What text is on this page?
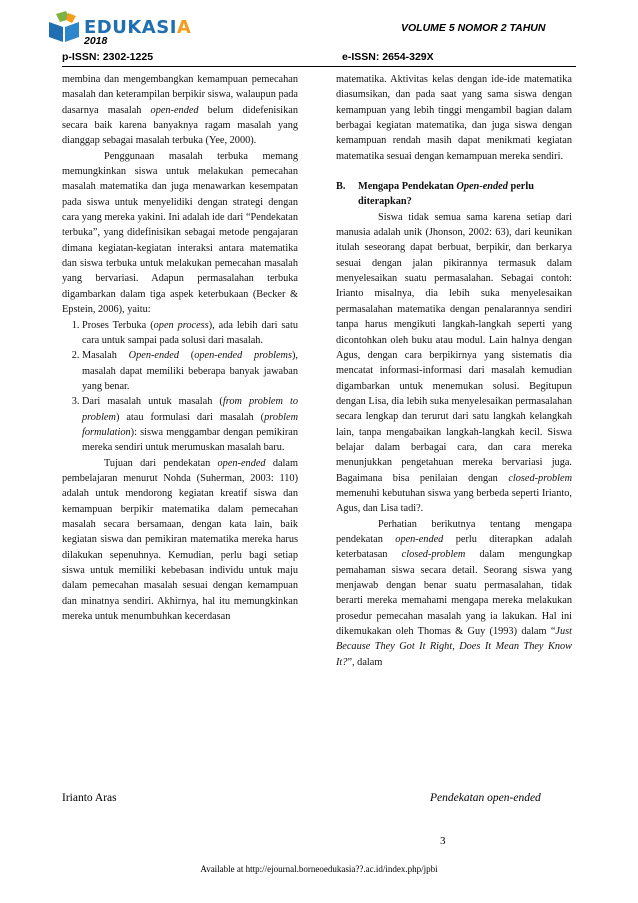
EDUKASIA	VOLUME 5 NOMOR 2 TAHUN
2018
p-ISSN: 2302-1225	e-ISSN: 2654-329X

membina dan mengembangkan kemampuan pemecahan masalah dan keterampilan berpikir siswa, walaupun pada dasarnya masalah open-ended belum didefenisikan secara baik karena banyaknya ragam masalah yang dianggap sebagai masalah terbuka (Yee, 2000).

Penggunaan masalah terbuka memang memungkinkan siswa untuk melakukan pemecahan masalah matematika dan juga menawarkan kesempatan pada siswa untuk menyelidiki dengan strategi dengan cara yang mereka yakini. Ini adalah ide dari “Pendekatan terbuka”, yang didefinisikan sebagai metode pengajaran dimana kegiatan-kegiatan interaksi antara matematika dan siswa terbuka untuk melakukan pemecahan masalah yang bervariasi. Adapun permasalahan terbuka digambarkan dalam tiga aspek keterbukaan (Becker & Epstein, 2006), yaitu:

1. Proses Terbuka (open process), ada lebih dari satu cara untuk sampai pada solusi dari masalah.
2. Masalah Open-ended (open-ended problems), masalah dapat memiliki beberapa banyak jawaban yang benar.
3. Dari masalah untuk masalah (from problem to problem) atau formulasi dari masalah (problem formulation): siswa menggambar dengan pemikiran mereka sendiri untuk merumuskan masalah baru.

Tujuan dari pendekatan open-ended dalam pembelajaran menurut Nohda (Suherman, 2003: 110) adalah untuk mendorong kegiatan kreatif siswa dan kemampuan berpikir matematika dalam pemecahan masalah secara bersamaan, dengan kata lain, baik kegiatan siswa dan pemikiran matematika mereka harus dilakukan sepenuhnya. Kemudian, perlu bagi setiap siswa untuk memiliki kebebasan individu untuk maju dalam pemecahan masalah sesuai dengan kemampuan dan minatnya sendiri. Akhirnya, hal itu memungkinkan mereka untuk menumbuhkan kecerdasan

matematika. Aktivitas kelas dengan ide-ide matematika diasumsikan, dan pada saat yang sama siswa dengan kemampuan yang lebih tinggi mengambil bagian dalam berbagai kegiatan matematika, dan juga siswa dengan kemampuan rendah masih dapat menikmati kegiatan matematika sesuai dengan kemampuan mereka sendiri.

B. Mengapa Pendekatan Open-ended perlu diterapkan?

Siswa tidak semua sama karena setiap dari manusia adalah unik (Jhonson, 2002: 63), dari keunikan itulah seseorang dapat berbuat, berpikir, dan berkarya sesuai dengan jalan pikirannya termasuk dalam menyelesaikan suatu permasalahan. Sebagai contoh: Irianto misalnya, dia lebih suka menyelesaikan permasalahan matematika dengan penalarannya sendiri tanpa harus mengikuti langkah-langkah seperti yang dicontohkan oleh buku atau modul. Lain halnya dengan Agus, dengan cara berpikirnya yang sistematis dia mencatat informasi-informasi dari masalah kemudian digambarkan untuk menemukan solusi. Begitupun dengan Lisa, dia lebih suka menyelesaikan permasalahan secara lengkap dan terurut dari satu langkah kelangkah lain, tanpa mengabaikan langkah-langkah kecil. Siswa belajar dalam berbagai cara, dan cara mereka menunjukkan pengetahuan mereka bervariasi juga. Bagaimana bisa penilaian dengan closed-problem memenuhi kebutuhan siswa yang berbeda seperti Irianto, Agus, dan Lisa tadi?.

Perhatian berikutnya tentang mengapa pendekatan open-ended perlu diterapkan adalah keterbatasan closed-problem dalam mengungkap pemahaman siswa secara detail. Seorang siswa yang menjawab dengan benar suatu permasalahan, tidak berarti mereka memahami mengapa mereka melakukan prosedur pemecahan masalah yang ia lakukan. Hal ini dikemukakan oleh Thomas & Guy (1993) dalam “Just Because They Got It Right, Does It Mean They Know It?”, dalam

Irianto Aras	Pendekatan open-ended
3
Available at http://ejournal.borneoedukasia??.ac.id/index.php/jpbi
